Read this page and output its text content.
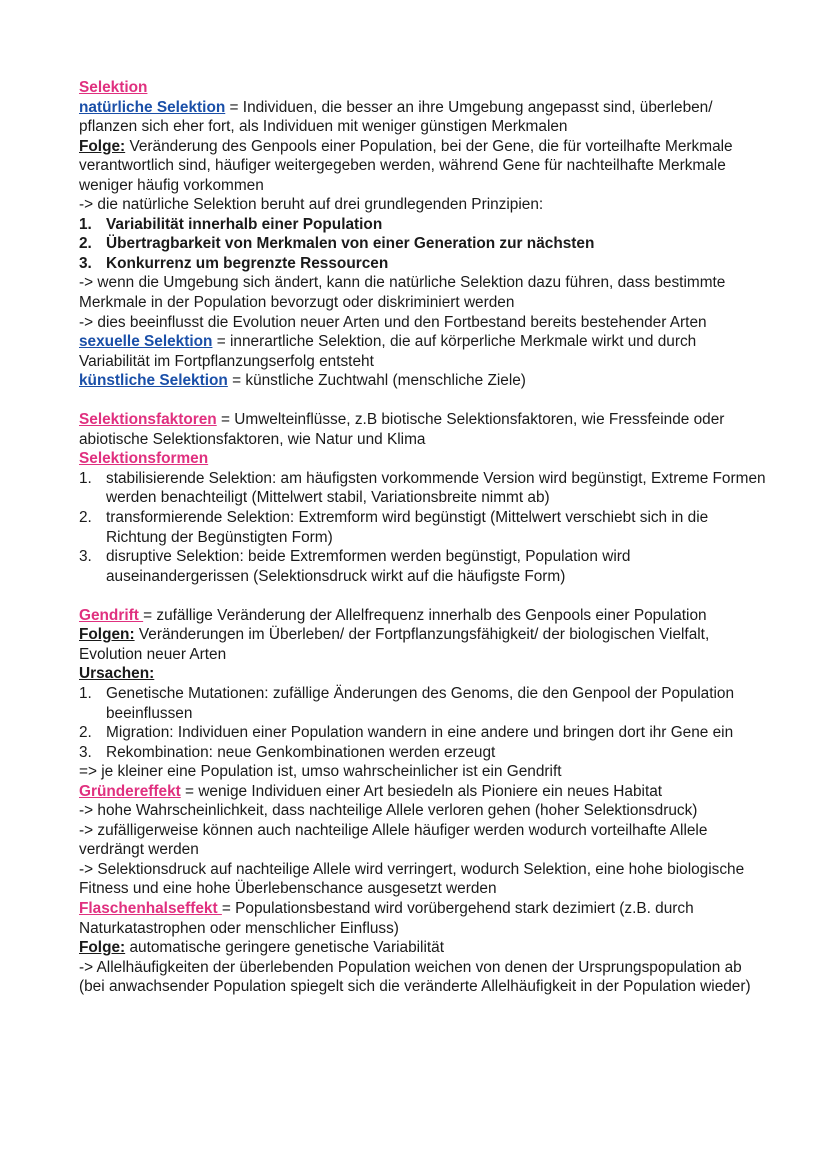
Selektion

natürliche Selektion = Individuen, die besser an ihre Umgebung angepasst sind, überleben/ pflanzen sich eher fort, als Individuen mit weniger günstigen Merkmalen

Folge: Veränderung des Genpools einer Population, bei der Gene, die für vorteilhafte Merkmale verantwortlich sind, häufiger weitergegeben werden, während Gene für nachteilhafte Merkmale weniger häufig vorkommen

-> die natürliche Selektion beruht auf drei grundlegenden Prinzipien:

1. Variabilität innerhalb einer Population
2. Übertragbarkeit von Merkmalen von einer Generation zur nächsten
3. Konkurrenz um begrenzte Ressourcen

-> wenn die Umgebung sich ändert, kann die natürliche Selektion dazu führen, dass bestimmte Merkmale in der Population bevorzugt oder diskriminiert werden

-> dies beeinflusst die Evolution neuer Arten und den Fortbestand bereits bestehender Arten

sexuelle Selektion = innerartliche Selektion, die auf körperliche Merkmale wirkt und durch Variabilität im Fortpflanzungserfolg entsteht

künstliche Selektion = künstliche Zuchtwahl (menschliche Ziele)

Selektionsfaktoren = Umwelteinflüsse, z.B biotische Selektionsfaktoren, wie Fressfeinde oder abiotische Selektionsfaktoren, wie Natur und Klima

Selektionsformen

1. stabilisierende Selektion: am häufigsten vorkommende Version wird begünstigt, Extreme Formen werden benachteiligt (Mittelwert stabil, Variationsbreite nimmt ab)
2. transformierende Selektion: Extremform wird begünstigt (Mittelwert verschiebt sich in die Richtung der Begünstigten Form)
3. disruptive Selektion: beide Extremformen werden begünstigt, Population wird auseinandergerissen (Selektionsdruck wirkt auf die häufigste Form)

Gendrift = zufällige Veränderung der Allelfrequenz innerhalb des Genpools einer Population

Folgen: Veränderungen im Überleben/ der Fortpflanzungsfähigkeit/ der biologischen Vielfalt, Evolution neuer Arten

Ursachen:

1. Genetische Mutationen: zufällige Änderungen des Genoms, die den Genpool der Population beeinflussen
2. Migration: Individuen einer Population wandern in eine andere und bringen dort ihr Gene ein
3. Rekombination: neue Genkombinationen werden erzeugt

=> je kleiner eine Population ist, umso wahrscheinlicher ist ein Gendrift

Gründereffekt = wenige Individuen einer Art besiedeln als Pioniere ein neues Habitat

-> hohe Wahrscheinlichkeit, dass nachteilige Allele verloren gehen (hoher Selektionsdruck)

-> zufälligerweise können auch nachteilige Allele häufiger werden wodurch vorteilhafte Allele verdrängt werden

-> Selektionsdruck auf nachteilige Allele wird verringert, wodurch Selektion, eine hohe biologische Fitness und eine hohe Überlebenschance ausgesetzt werden

Flaschenhalseffekt = Populationsbestand wird vorübergehend stark dezimiert (z.B. durch Naturkatastrophen oder menschlicher Einfluss)

Folge: automatische geringere genetische Variabilität

-> Allelhäufigkeiten der überlebenden Population weichen von denen der Ursprungspopulation ab (bei anwachsender Population spiegelt sich die veränderte Allelhäufigkeit in der Population wieder)
